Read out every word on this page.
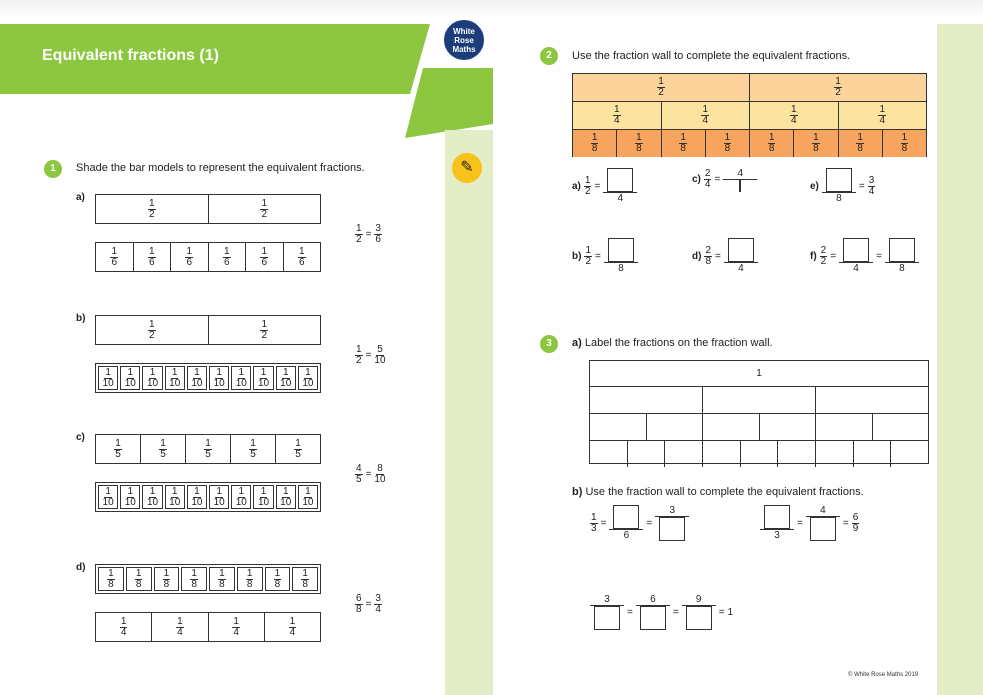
Equivalent fractions (1)
White
Rose
Maths
✎
1	Shade the bar models to represent the equivalent fractions.
a)	1
2
1
2
1
6
1
6
1
6
1
6
1
6
1
6
1
2 =
3
6
b)	1
2
1
2
1
10
1
10
1
10
1
10
1
10
1
10
1
10
1
10
1
10
1
10
1
2 =
5
10
c)	1
5
1
5
1
5
1
5
1
5
1
10
1
10
1
10
1
10
1
10
1
10
1
10
1
10
1
10
1
10
4
5 =
8
10
d) 1
8
1
8
1
8
1
8
1
8
1
8
1
8
1
8
1
4
1
4
1
4
1
4
6
8 =
3
4
2	Use the fraction wall to complete the equivalent fractions.
1
2
1
2
1
4
1
4
1
4
1
4
1
8
1
8
1
8
1
8
1
8
1
8
1
8
1
8
a)
1
2 =
4
b)
1
2 =
8
c)
2
4 =
4
d)
2
8 =
4
e)
8
=
3
4
f)
2
2 =
4
=
8
3	a) Label the fractions on the fraction wall.
1
b) Use the fraction wall to complete the equivalent fractions.
1
3 =
6
=
3
3
=
4
=
6
9
3
=
6
=
9
= 1
© White Rose Maths 2019
